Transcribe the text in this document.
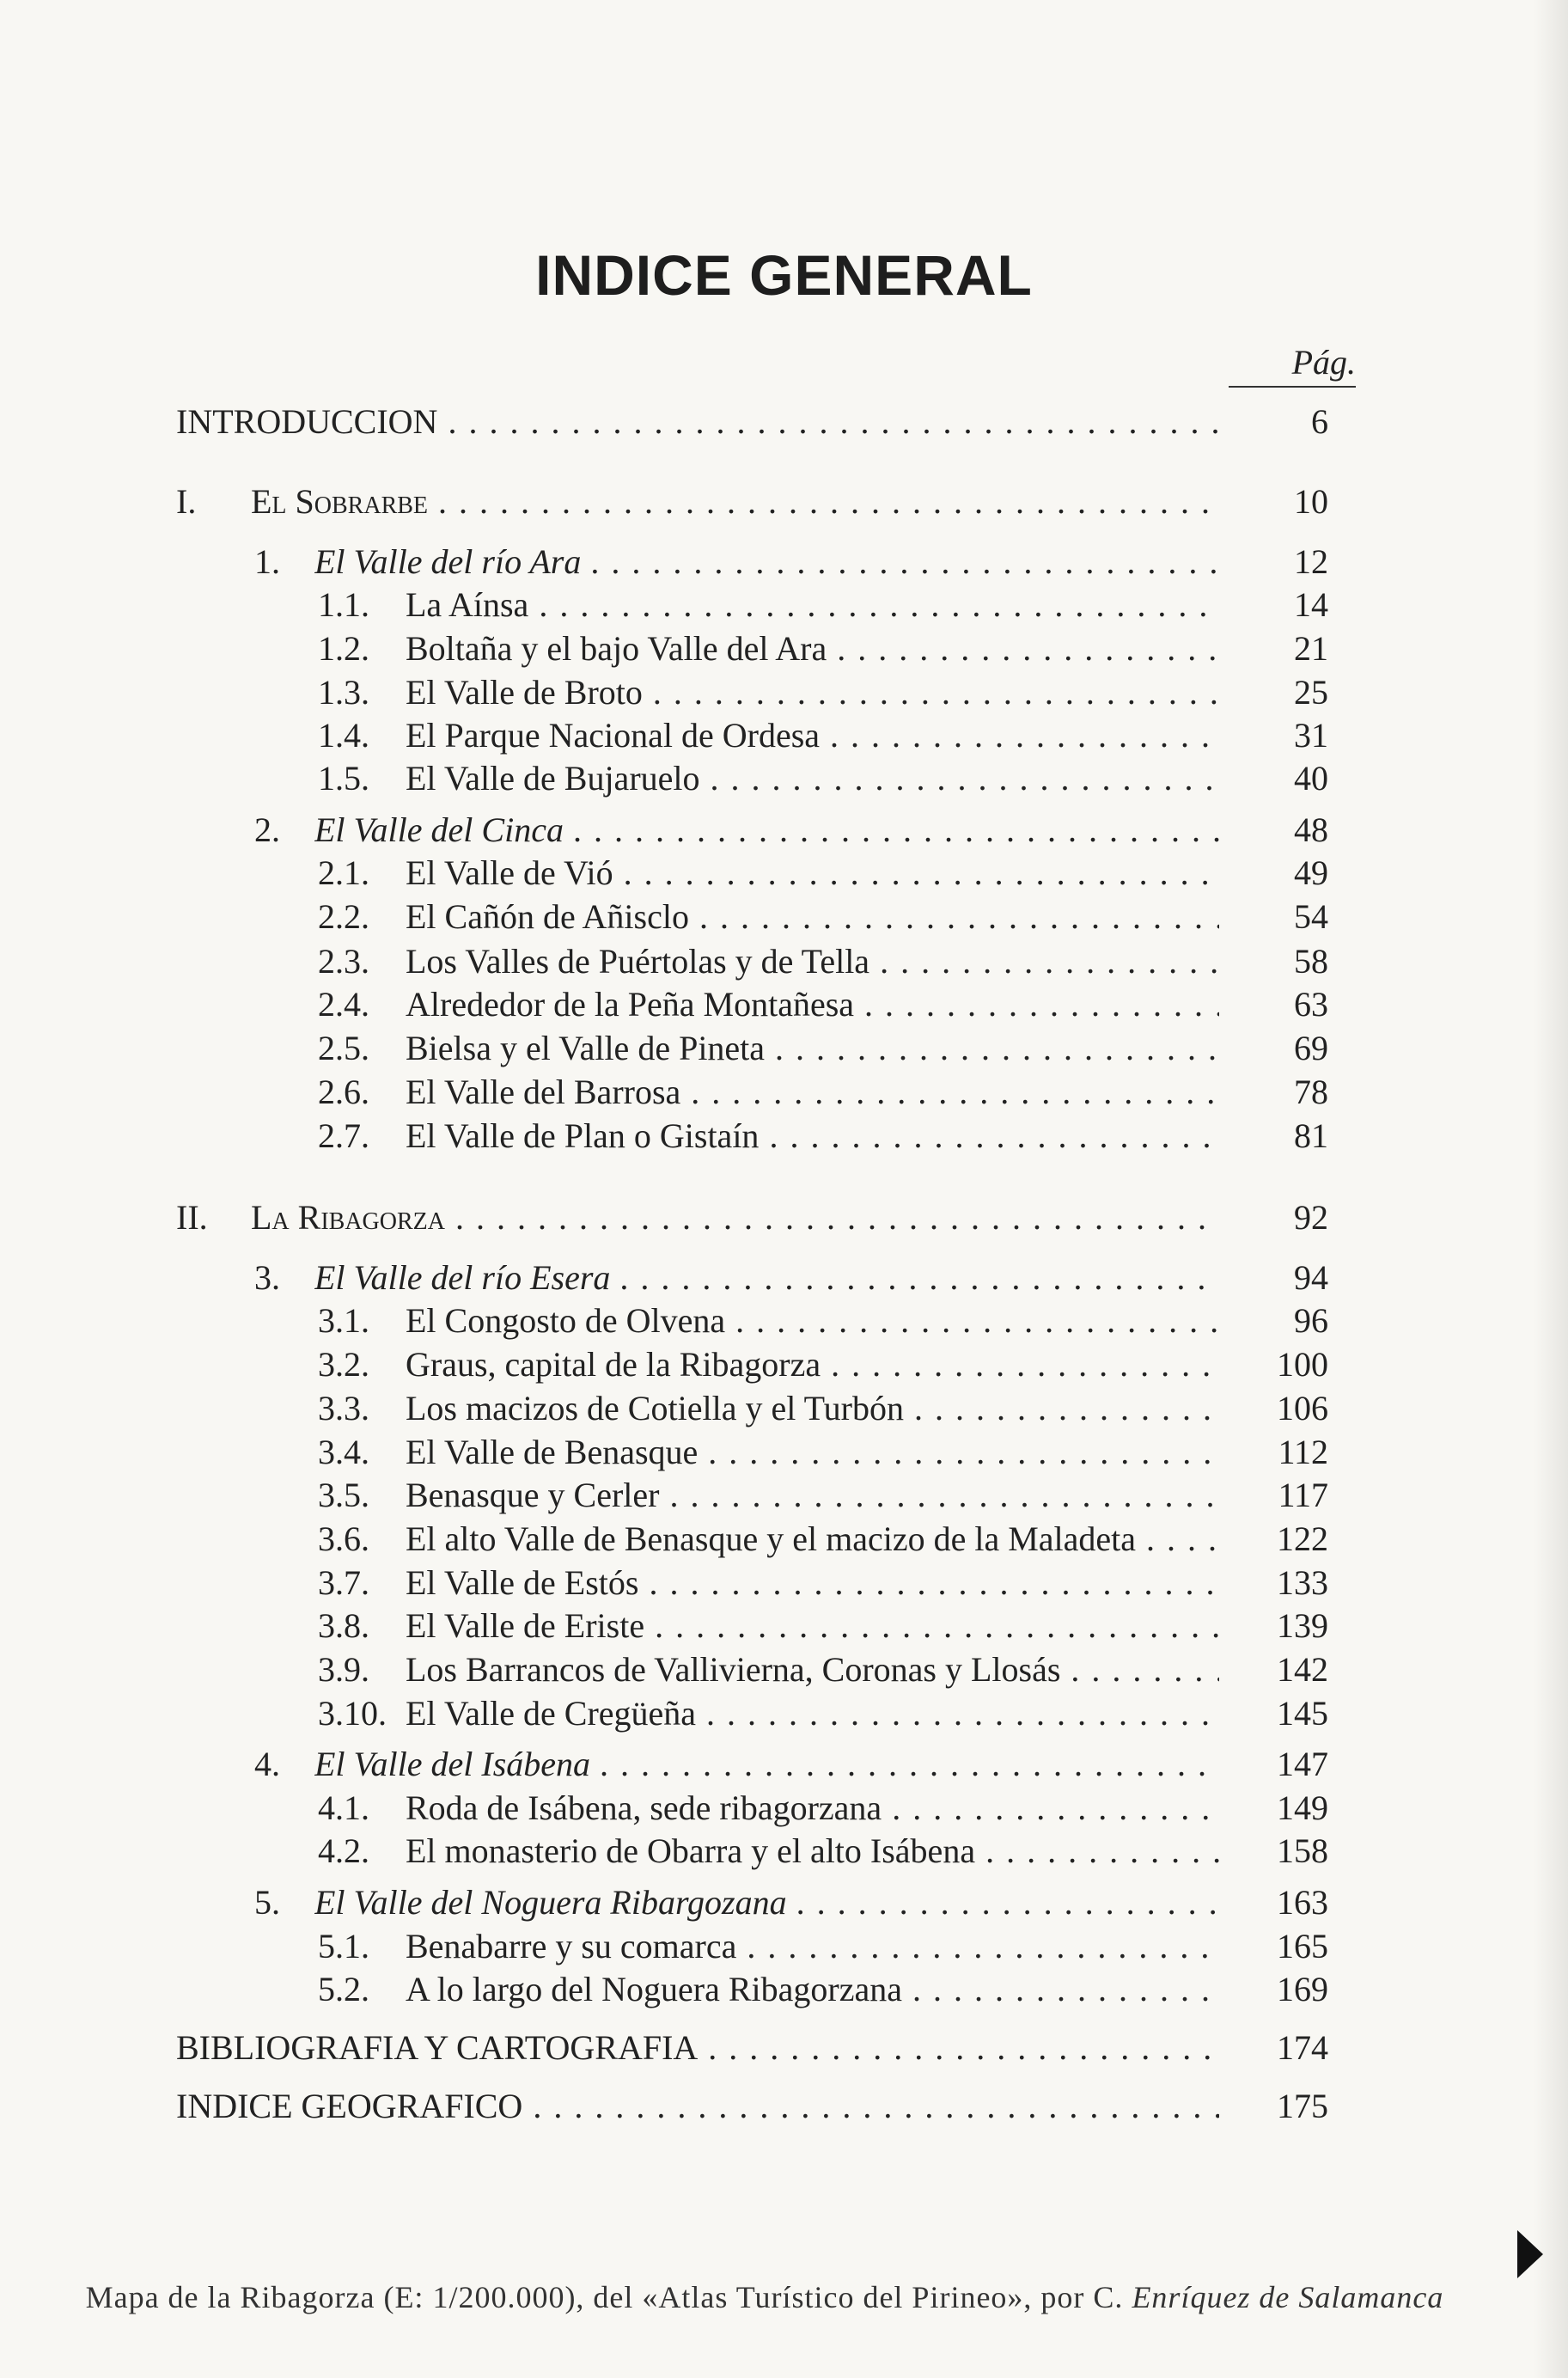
INDICE GENERAL
Pág.
INTRODUCCION . . .	6
I. El Sobrarbe . . .	10
1. El Valle del río Ara . . .	12
1.1. La Aínsa . . .	14
1.2. Boltaña y el bajo Valle del Ara . . .	21
1.3. El Valle de Broto . . .	25
1.4. El Parque Nacional de Ordesa . . .	31
1.5. El Valle de Bujaruelo . . .	40
2. El Valle del Cinca . . .	48
2.1. El Valle de Vió . . .	49
2.2. El Cañón de Añisclo . . .	54
2.3. Los Valles de Puértolas y de Tella . . .	58
2.4. Alrededor de la Peña Montañesa . . .	63
2.5. Bielsa y el Valle de Pineta . . .	69
2.6. El Valle del Barrosa . . .	78
2.7. El Valle de Plan o Gistaín . . .	81
II. La Ribagorza . . .	92
3. El Valle del río Esera . . .	94
3.1. El Congosto de Olvena . . .	96
3.2. Graus, capital de la Ribagorza . . .	100
3.3. Los macizos de Cotiella y el Turbón . . .	106
3.4. El Valle de Benasque . . .	112
3.5. Benasque y Cerler . . .	117
3.6. El alto Valle de Benasque y el macizo de la Maladeta . . .	122
3.7. El Valle de Estós . . .	133
3.8. El Valle de Eriste . . .	139
3.9. Los Barrancos de Vallivierna, Coronas y Llosás . . .	142
3.10. El Valle de Cregüeña . . .	145
4. El Valle del Isábena . . .	147
4.1. Roda de Isábena, sede ribagorzana . . .	149
4.2. El monasterio de Obarra y el alto Isábena . . .	158
5. El Valle del Noguera Ribargozana . . .	163
5.1. Benabarre y su comarca . . .	165
5.2. A lo largo del Noguera Ribagorzana . . .	169
BIBLIOGRAFIA Y CARTOGRAFIA . . .	174
INDICE GEOGRAFICO . . .	175
Mapa de la Ribagorza (E: 1/200.000), del «Atlas Turístico del Pirineo», por C. Enríquez de Salamanca
